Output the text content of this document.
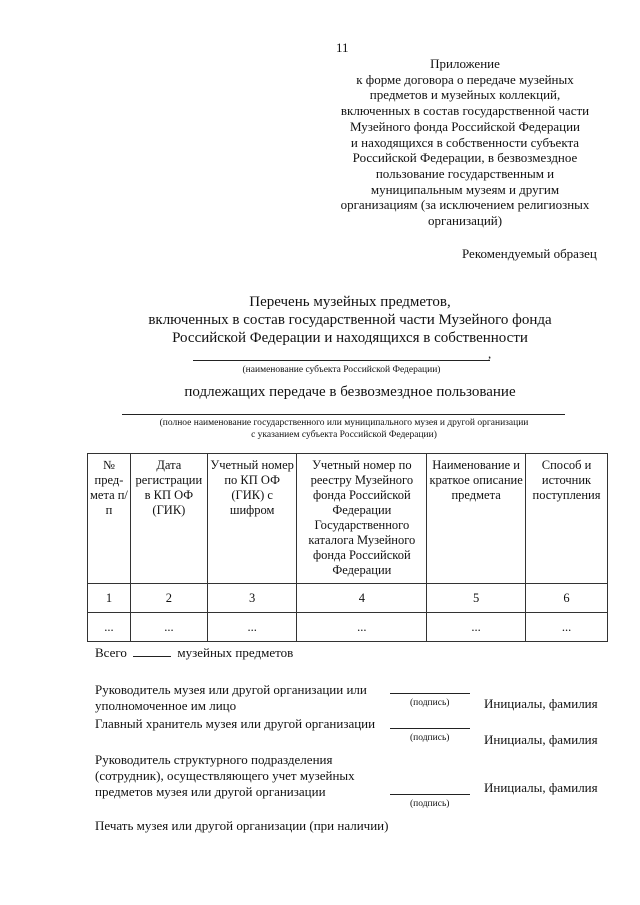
11
Приложение
к форме договора о передаче музейных
предметов и музейных коллекций,
включенных в состав государственной части
Музейного фонда Российской Федерации
и находящихся в собственности субъекта
Российской Федерации, в безвозмездное
пользование государственным и
муниципальным музеям и другим
организациям (за исключением религиозных
организаций)
Рекомендуемый образец
Перечень музейных предметов,
включенных в состав государственной части Музейного фонда
Российской Федерации и находящихся в собственности
,
(наименование субъекта Российской Федерации)
подлежащих передаче в безвозмездное пользование
(полное наименование государственного или муниципального музея и другой организации
с указанием субъекта Российской Федерации)
№ пред- мета п/п	Дата регистрации в КП ОФ (ГИК)	Учетный номер по КП ОФ (ГИК) с шифром	Учетный номер по реестру Музейного фонда Российской Федерации Государственного каталога Музейного фонда Российской Федерации	Наименование и краткое описание предмета	Способ и источник поступления
1	2	3	4	5	6
...	...	...	...	...	...
Всего	музейных предметов
Руководитель музея или другой организации или
уполномоченное им лицо	(подпись)	Инициалы, фамилия
Главный хранитель музея или другой организации
(подпись)	Инициалы, фамилия
Руководитель структурного подразделения
(сотрудник), осуществляющего учет музейных
предметов музея или другой организации
(подпись)
Инициалы, фамилия
Печать музея или другой организации (при наличии)
